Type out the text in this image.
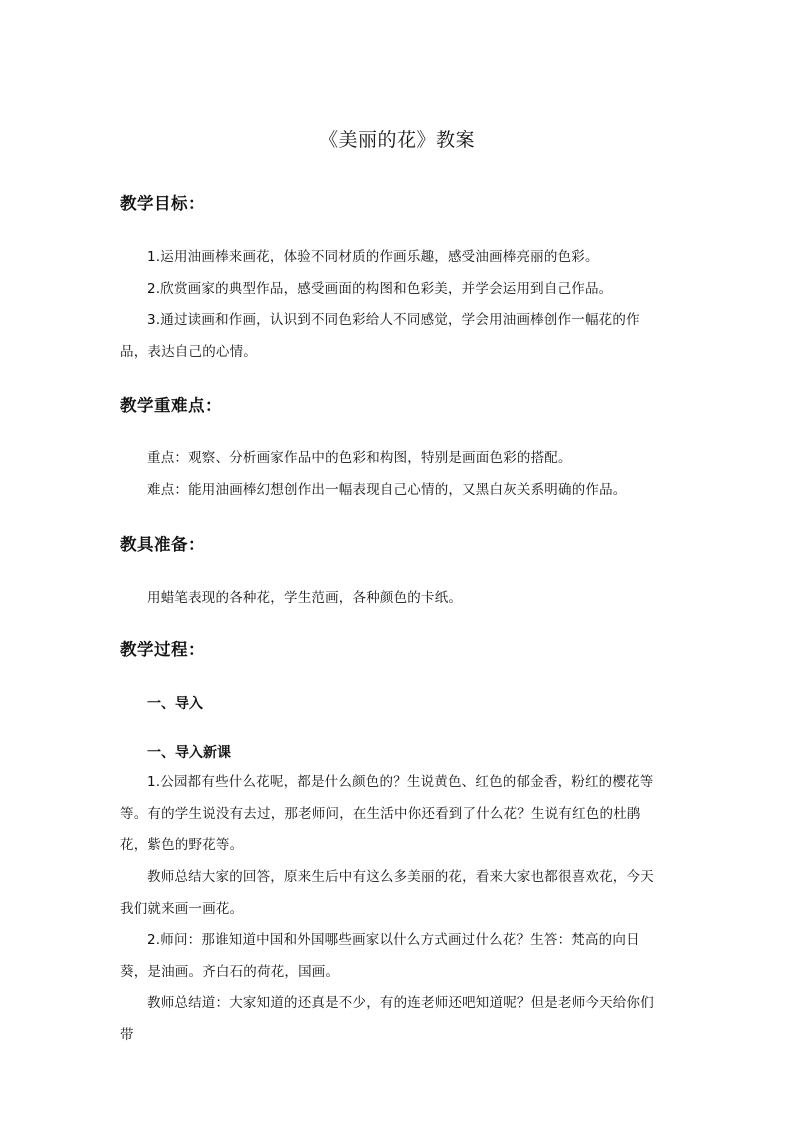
《美丽的花》教案
教学目标：

1.运用油画棒来画花，体验不同材质的作画乐趣，感受油画棒亮丽的色彩。

2.欣赏画家的典型作品，感受画面的构图和色彩美，并学会运用到自己作品。

3.通过读画和作画，认识到不同色彩给人不同感觉，学会用油画棒创作一幅花的作品，表达自己的心情。

教学重难点：

重点：观察、分析画家作品中的色彩和构图，特别是画面色彩的搭配。

难点：能用油画棒幻想创作出一幅表现自己心情的，又黑白灰关系明确的作品。

教具准备：

用蜡笔表现的各种花，学生范画，各种颜色的卡纸。

教学过程：
一、导入
一、导入新课

1.公园都有些什么花呢，都是什么颜色的？生说黄色、红色的郁金香，粉红的樱花等等。有的学生说没有去过，那老师问，在生活中你还看到了什么花？生说有红色的杜鹃花，紫色的野花等。

教师总结大家的回答，原来生后中有这么多美丽的花，看来大家也都很喜欢花，今天我们就来画一画花。

2.师问：那谁知道中国和外国哪些画家以什么方式画过什么花？生答：梵高的向日葵，是油画。齐白石的荷花，国画。

教师总结道：大家知道的还真是不少，有的连老师还吧知道呢？但是老师今天给你们带
